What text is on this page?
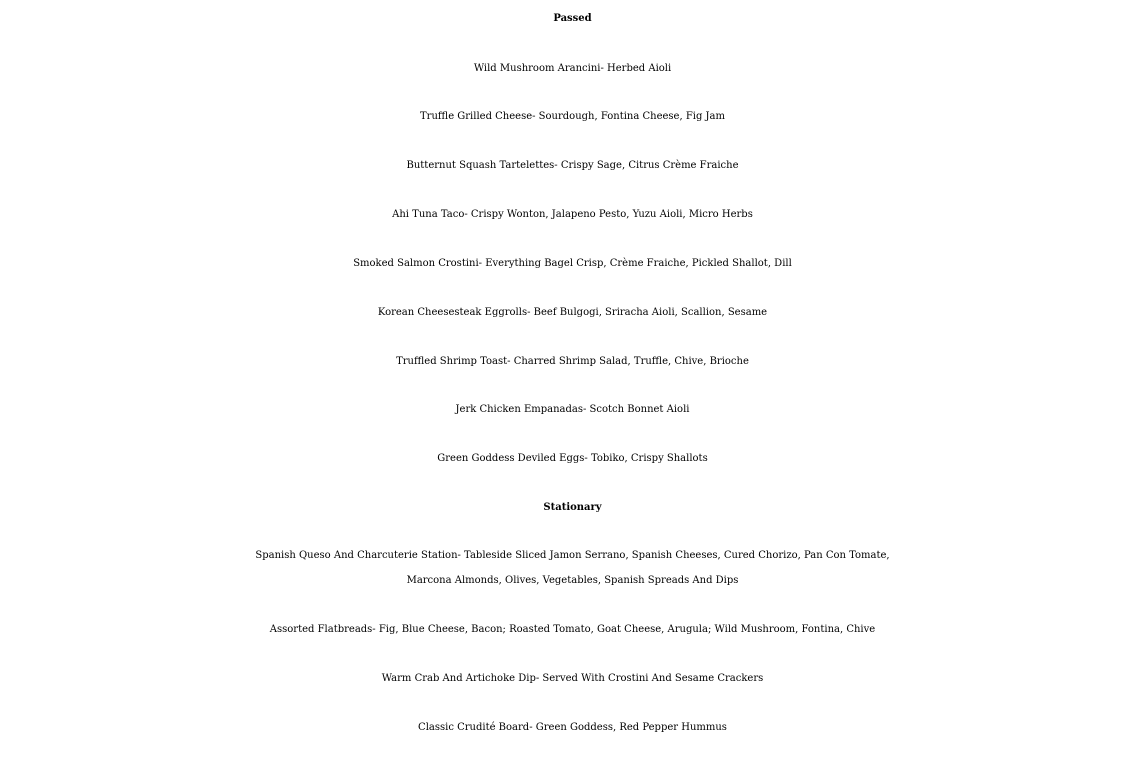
Passed
Wild Mushroom Arancini- Herbed Aioli
Truffle Grilled Cheese- Sourdough, Fontina Cheese, Fig Jam
Butternut Squash Tartelettes- Crispy Sage, Citrus Crème Fraiche
Ahi Tuna Taco- Crispy Wonton, Jalapeno Pesto, Yuzu Aioli, Micro Herbs
Smoked Salmon Crostini- Everything Bagel Crisp, Crème Fraiche, Pickled Shallot, Dill
Korean Cheesesteak Eggrolls- Beef Bulgogi, Sriracha Aioli, Scallion, Sesame
Truffled Shrimp Toast- Charred Shrimp Salad, Truffle, Chive, Brioche
Jerk Chicken Empanadas- Scotch Bonnet Aioli
Green Goddess Deviled Eggs- Tobiko, Crispy Shallots
Stationary
Spanish Queso And Charcuterie Station- Tableside Sliced Jamon Serrano, Spanish Cheeses, Cured Chorizo, Pan Con Tomate,
Marcona Almonds, Olives, Vegetables, Spanish Spreads And Dips
Assorted Flatbreads- Fig, Blue Cheese, Bacon; Roasted Tomato, Goat Cheese, Arugula; Wild Mushroom, Fontina, Chive
Warm Crab And Artichoke Dip- Served With Crostini And Sesame Crackers
Classic Crudité Board- Green Goddess, Red Pepper Hummus
